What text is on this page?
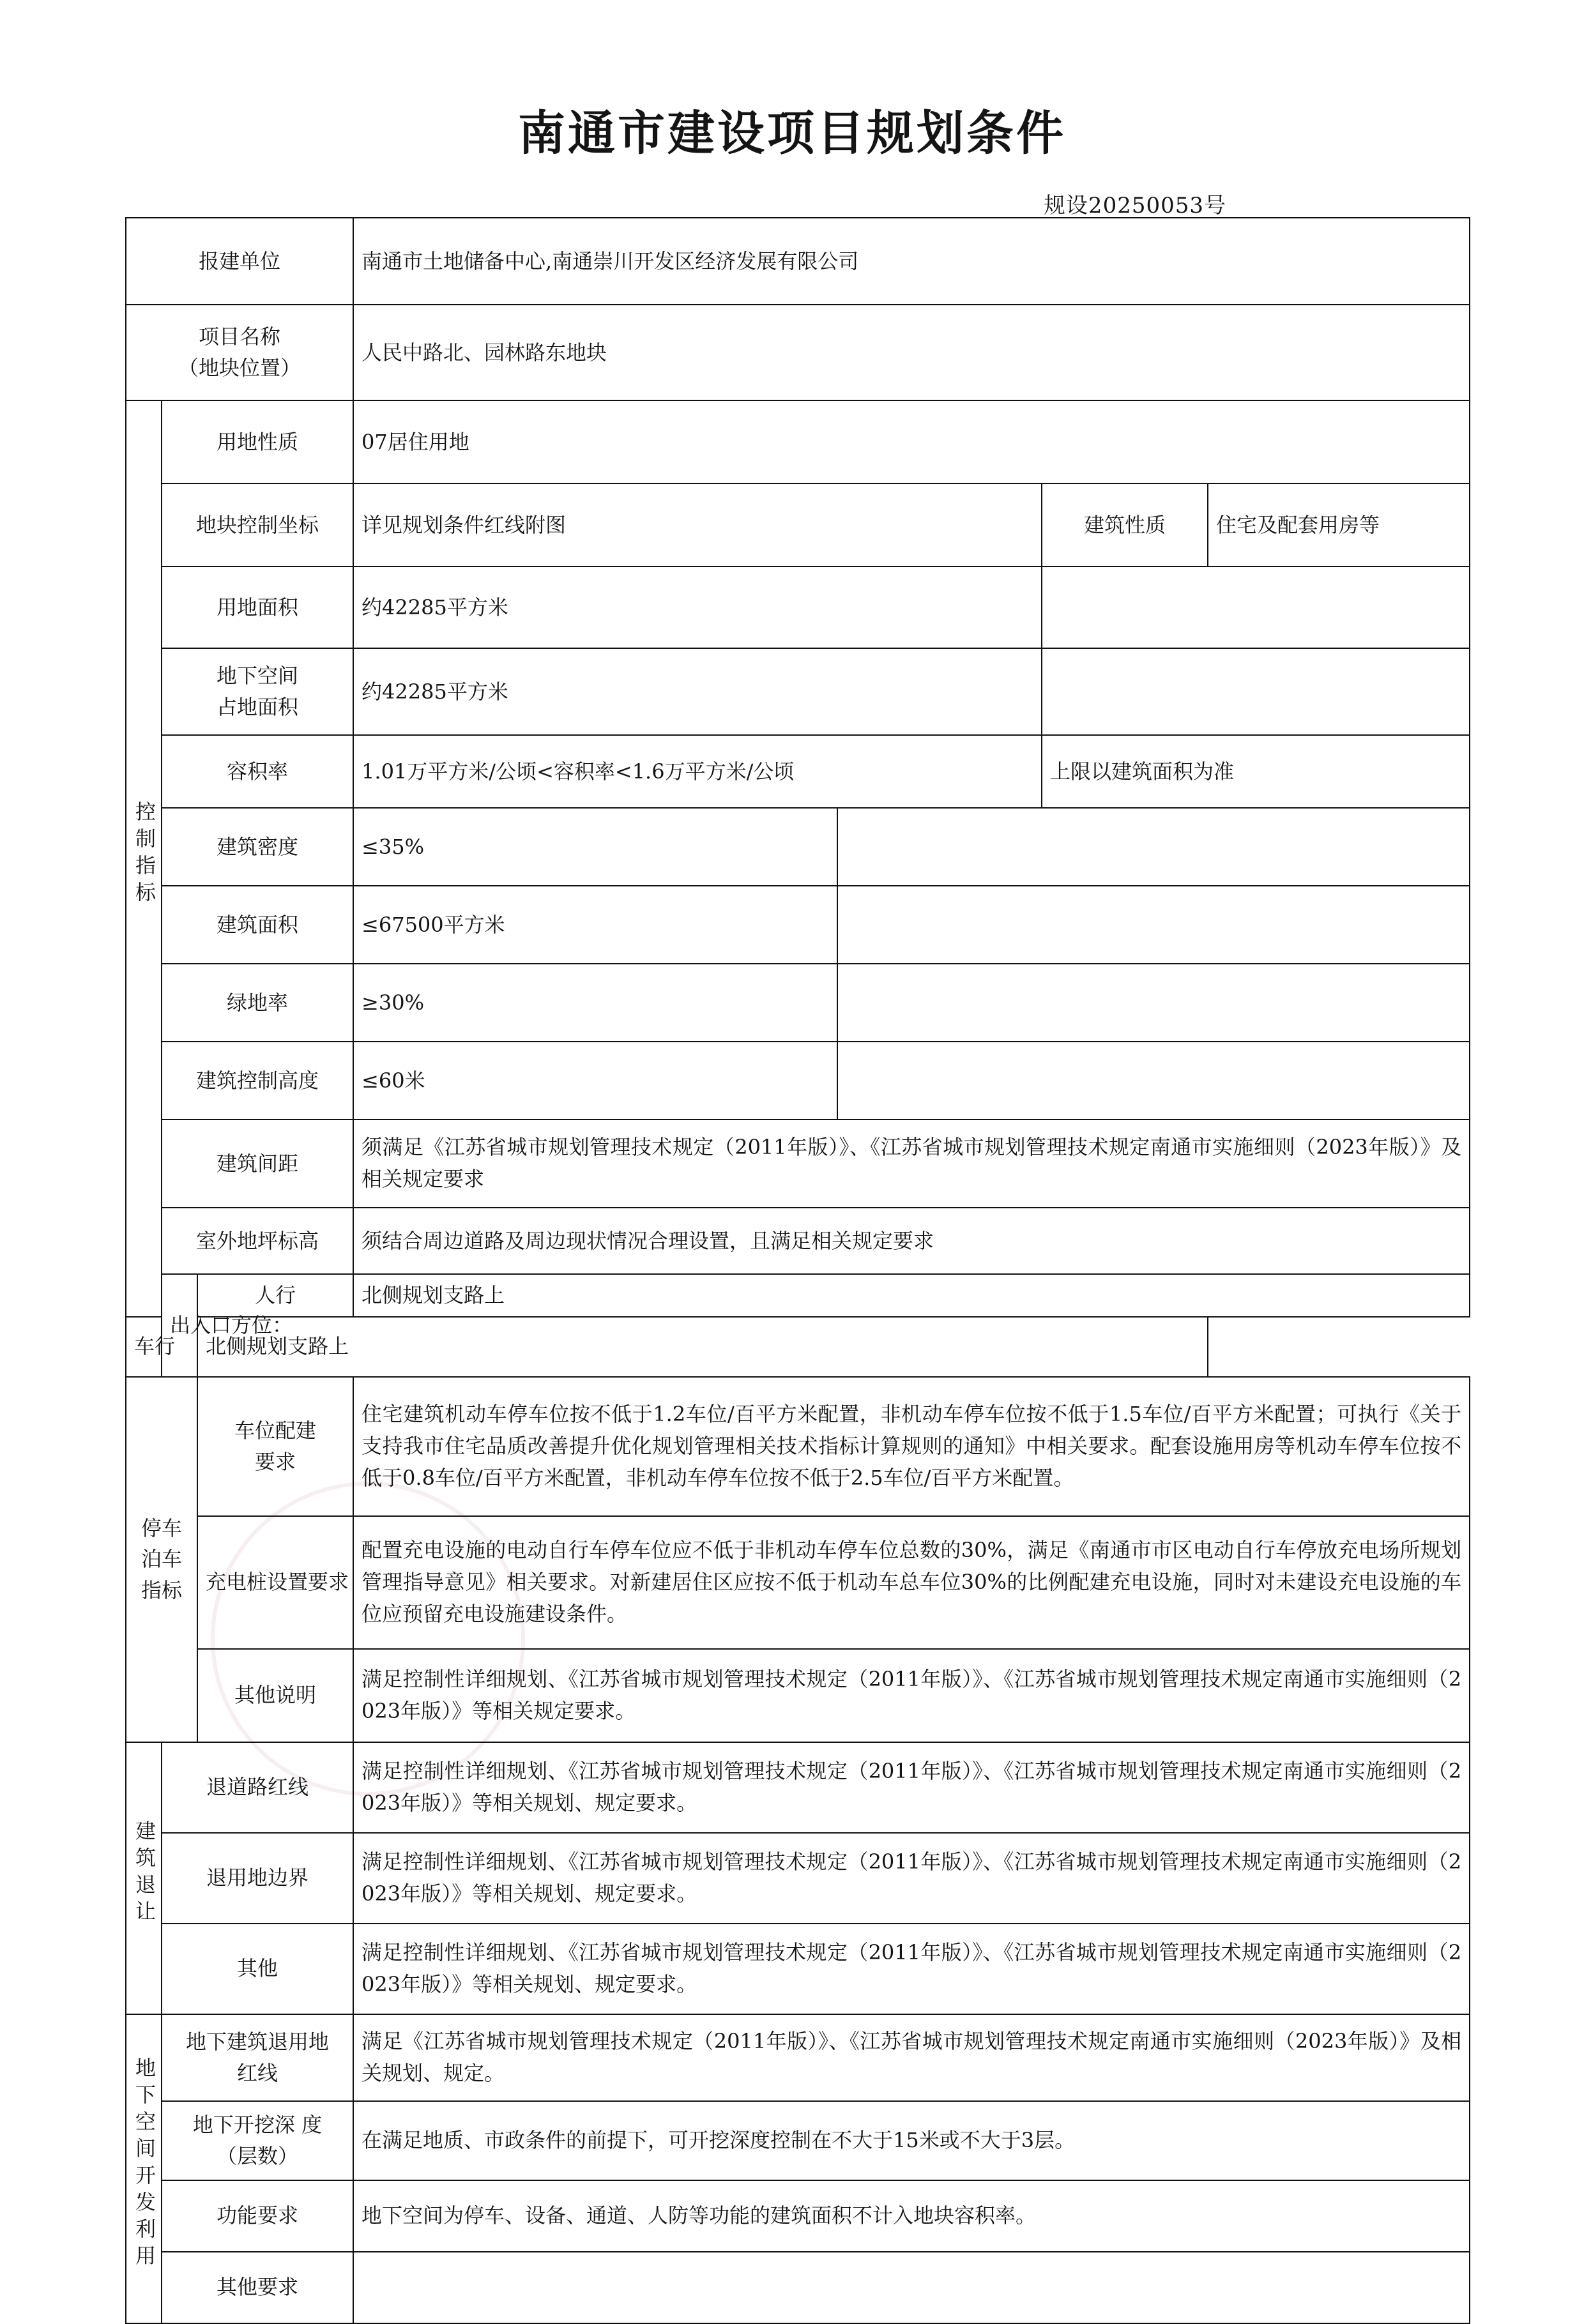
南通市建设项目规划条件
规设20250053号
报建单位			南通市土地储备中心,南通崇川开发区经济发展有限公司			

项目名称
（地块位置）			人民中路北、园林路东地块			
控制指标	用地性质		07居住用地			
	地块控制坐标		详见规划条件红线附图		建筑性质	住宅及配套用房等
	用地面积		约42285平方米			

	地下空间
占地面积		约42285平方米			
	容积率		1.01万平方米/公顷<容积率<1.6万平方米/公顷		上限以建筑面积为准	
	建筑密度		≤35%			
	建筑面积		≤67500平方米			
	绿地率		≥30%			
	建筑控制高度		≤60米			
	建筑间距		须满足《江苏省城市规划管理技术规定（2011年版）》、《江苏省城市规划管理技术规定南通市实施细则（2023年版）》及相关规定要求			

	室外地坪标高		须结合周边道路及周边现状情况合理设置，且满足相关规定要求			
	出入口方位：	人行	北侧规划支路上			
车行		北侧规划支路上				
停车泊车指标		车位配建
要求	住宅建筑机动车停车位按不低于1.2车位/百平方米配置，非机动车停车位按不低于1.5车位/百平方米配置；可执行《关于支持我市住宅品质改善提升优化规划管理相关技术指标计算规则的通知》中相关要求。配套设施用房等机动车停车位按不低于0.8车位/百平方米配置，非机动车停车位按不低于2.5车位/百平方米配置。			

		充电桩设置要求	配置充电设施的电动自行车停车位应不低于非机动车停车位总数的30%，满足《南通市市区电动自行车停放充电场所规划管理指导意见》相关要求。对新建居住区应按不低于机动车总车位30%的比例配建充电设施，同时对未建设充电设施的车位应预留充电设施建设条件。			

		其他说明	满足控制性详细规划、《江苏省城市规划管理技术规定（2011年版）》、《江苏省城市规划管理技术规定南通市实施细则（2023年版）》等相关规定要求。			

建筑退让	退道路红线		满足控制性详细规划、《江苏省城市规划管理技术规定（2011年版）》、《江苏省城市规划管理技术规定南通市实施细则（2023年版）》等相关规划、规定要求。			

	退用地边界		满足控制性详细规划、《江苏省城市规划管理技术规定（2011年版）》、《江苏省城市规划管理技术规定南通市实施细则（2023年版）》等相关规划、规定要求。			

	其他		满足控制性详细规划、《江苏省城市规划管理技术规定（2011年版）》、《江苏省城市规划管理技术规定南通市实施细则（2023年版）》等相关规划、规定要求。			

地下空间开发利用	地下建筑退用地
红线		满足《江苏省城市规划管理技术规定（2011年版）》、《江苏省城市规划管理技术规定南通市实施细则（2023年版）》及相关规划、规定。			

	地下开挖深 度
（层数）		在满足地质、市政条件的前提下，可开挖深度控制在不大于15米或不大于3层。			
	功能要求		地下空间为停车、设备、通道、人防等功能的建筑面积不计入地块容积率。			
	其他要求					
